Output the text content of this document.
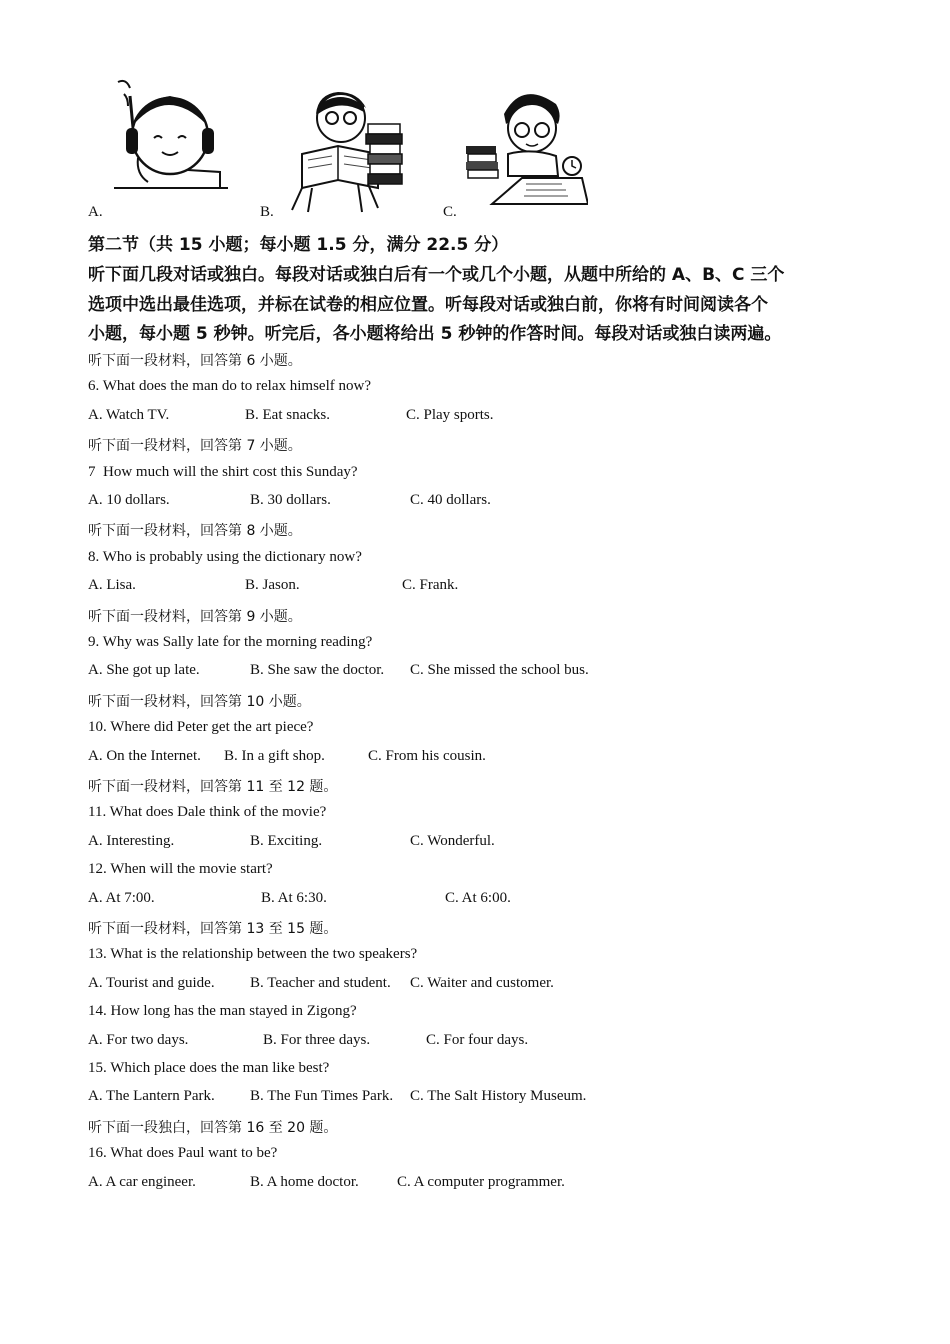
A.	B.	C.
第二节（共 15 小题；每小题 1.5 分，满分 22.5 分）
听下面几段对话或独白。每段对话或独白后有一个或几个小题，从题中所给的 A、B、C 三个
选项中选出最佳选项，并标在试卷的相应位置。听每段对话或独白前，你将有时间阅读各个
小题，每小题 5 秒钟。听完后，各小题将给出 5 秒钟的作答时间。每段对话或独白读两遍。
听下面一段材料，回答第 6 小题。
6. What does the man do to relax himself now?
A. Watch TV.	B. Eat snacks.	C. Play sports.
听下面一段材料，回答第 7 小题。
7  How much will the shirt cost this Sunday?
A. 10 dollars.	B. 30 dollars.	C. 40 dollars.
听下面一段材料，回答第 8 小题。
8. Who is probably using the dictionary now?
A. Lisa.	B. Jason.	C. Frank.
听下面一段材料，回答第 9 小题。
9. Why was Sally late for the morning reading?
A. She got up late.	B. She saw the doctor. C. She missed the school bus.
听下面一段材料，回答第 10 小题。
10. Where did Peter get the art piece?
A. On the Internet. B. In a gift shop.	C. From his cousin.
听下面一段材料，回答第 11 至 12 题。
11. What does Dale think of the movie?
A. Interesting.	B. Exciting.	C. Wonderful.
12. When will the movie start?
A. At 7:00.	B. At 6:30.	C. At 6:00.
听下面一段材料，回答第 13 至 15 题。
13. What is the relationship between the two speakers?
A. Tourist and guide. B. Teacher and student. C. Waiter and customer.
14. How long has the man stayed in Zigong?
A. For two days.	B. For three days.	C. For four days.
15. Which place does the man like best?
A. The Lantern Park. B. The Fun Times Park. C. The Salt History Museum.
听下面一段独白，回答第 16 至 20 题。
16. What does Paul want to be?
A. A car engineer.	B. A home doctor.	C. A computer programmer.
